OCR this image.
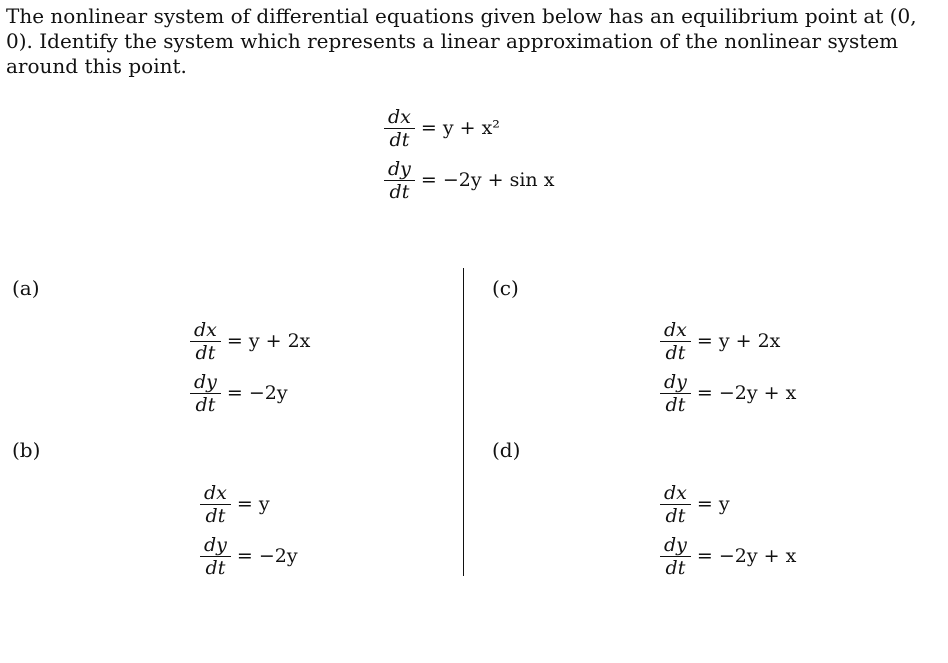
The nonlinear system of differential equations given below has an equilibrium point at (0, 0). Identify the system which represents a linear approximation of the nonlinear system around this point.

$\frac{dx}{dt} = y + x^2$
$\frac{dy}{dt} = -2y + \sin x$

(a)

(b)

(c)

(d)

$\frac{dx}{dt} = y + 2x$
$\frac{dy}{dt} = -2y$
$\frac{dx}{dt} = y$
$\frac{dy}{dt} = -2y$
$\frac{dx}{dt} = y + 2x$
$\frac{dy}{dt} = -2y + x$
$\frac{dx}{dt} = y$
$\frac{dy}{dt} = -2y + x$
